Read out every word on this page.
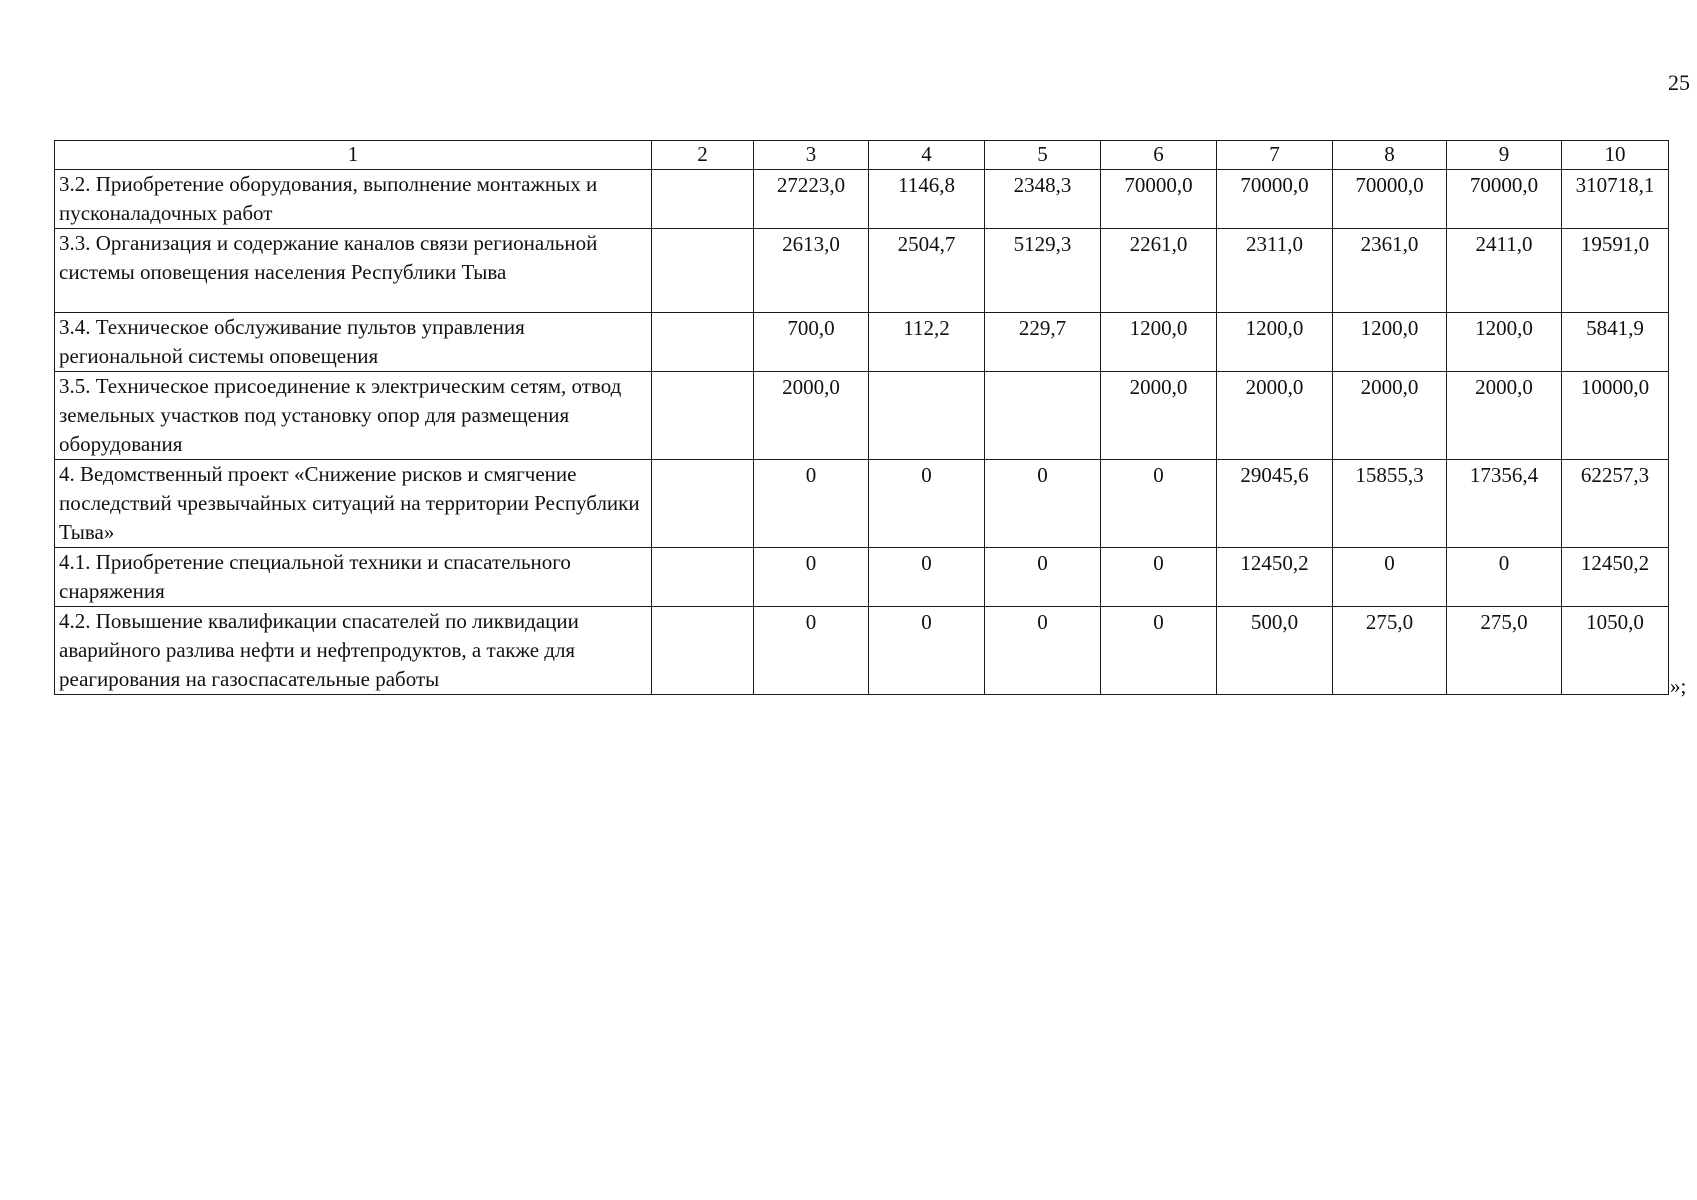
25
1	2	3	4	5	6	7	8	9	10
3.2. Приобретение оборудования, выполнение монтажных и пусконаладочных работ		27223,0	1146,8	2348,3	70000,0	70000,0	70000,0	70000,0	310718,1
3.3. Организация и содержание каналов связи региональной системы оповещения населения Республики Тыва		2613,0	2504,7	5129,3	2261,0	2311,0	2361,0	2411,0	19591,0
3.4. Техническое обслуживание пультов управления региональной системы оповещения		700,0	112,2	229,7	1200,0	1200,0	1200,0	1200,0	5841,9
3.5. Техническое присоединение к электрическим сетям, отвод земельных участков под установку опор для размещения оборудования		2000,0			2000,0	2000,0	2000,0	2000,0	10000,0
4. Ведомственный проект «Снижение рисков и смягчение последствий чрезвычайных ситуаций на территории Республики Тыва»		0	0	0	0	29045,6	15855,3	17356,4	62257,3
4.1. Приобретение специальной техники и спасательного снаряжения		0	0	0	0	12450,2	0	0	12450,2
4.2. Повышение квалификации спасателей по ликвидации аварийного разлива нефти и нефтепродуктов, а также для реагирования на газоспасательные работы		0	0	0	0	500,0	275,0	275,0	1050,0
»;
